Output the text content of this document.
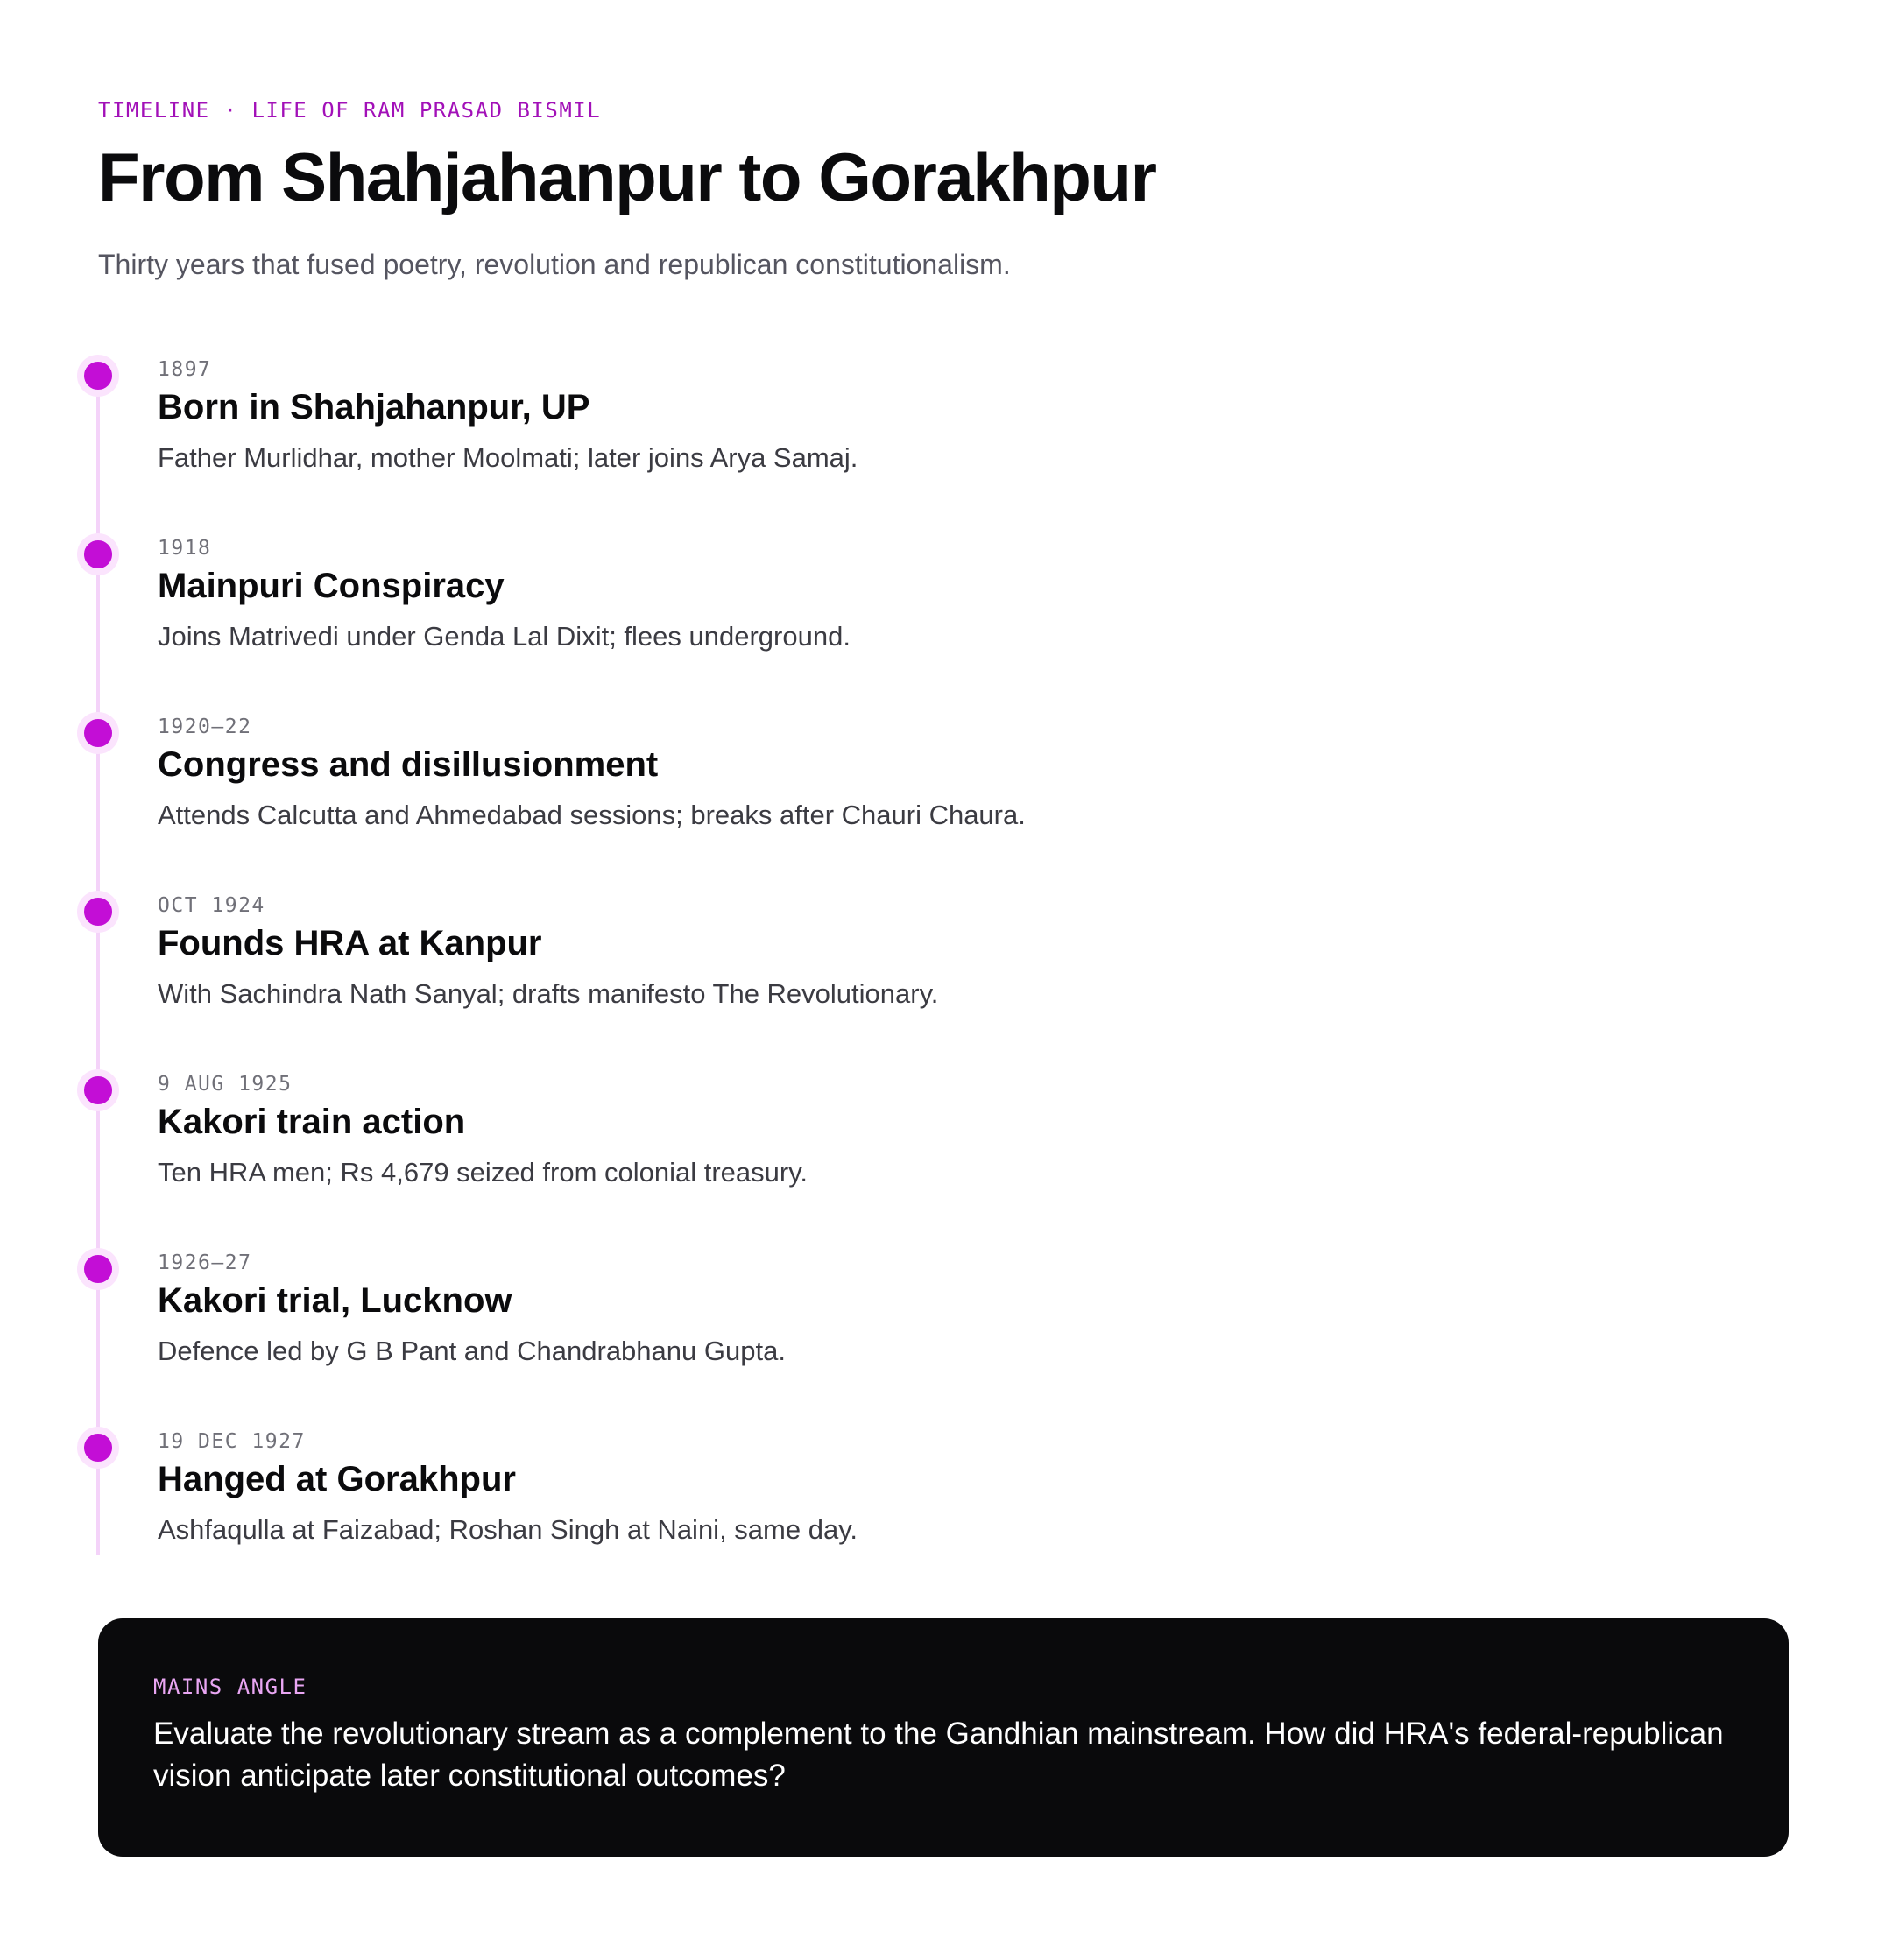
TIMELINE · LIFE OF RAM PRASAD BISMIL
From Shahjahanpur to Gorakhpur
Thirty years that fused poetry, revolution and republican constitutionalism.
1897
Born in Shahjahanpur, UP
Father Murlidhar, mother Moolmati; later joins Arya Samaj.
1918
Mainpuri Conspiracy
Joins Matrivedi under Genda Lal Dixit; flees underground.
1920–22
Congress and disillusionment
Attends Calcutta and Ahmedabad sessions; breaks after Chauri Chaura.
OCT 1924
Founds HRA at Kanpur
With Sachindra Nath Sanyal; drafts manifesto The Revolutionary.
9 AUG 1925
Kakori train action
Ten HRA men; Rs 4,679 seized from colonial treasury.
1926–27
Kakori trial, Lucknow
Defence led by G B Pant and Chandrabhanu Gupta.
19 DEC 1927
Hanged at Gorakhpur
Ashfaqulla at Faizabad; Roshan Singh at Naini, same day.
MAINS ANGLE
Evaluate the revolutionary stream as a complement to the Gandhian mainstream. How did HRA's federal-republican vision anticipate later constitutional outcomes?
